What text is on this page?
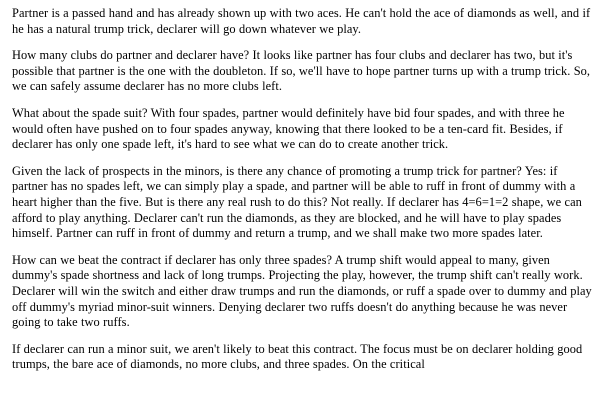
Partner is a passed hand and has already shown up with two aces. He can't hold the ace of diamonds as well, and if he has a natural trump trick, declarer will go down whatever we play.

How many clubs do partner and declarer have? It looks like partner has four clubs and declarer has two, but it's possible that partner is the one with the doubleton. If so, we'll have to hope partner turns up with a trump trick. So, we can safely assume declarer has no more clubs left.

What about the spade suit? With four spades, partner would definitely have bid four spades, and with three he would often have pushed on to four spades anyway, knowing that there looked to be a ten-card fit. Besides, if declarer has only one spade left, it's hard to see what we can do to create another trick.

Given the lack of prospects in the minors, is there any chance of promoting a trump trick for partner? Yes: if partner has no spades left, we can simply play a spade, and partner will be able to ruff in front of dummy with a heart higher than the five. But is there any real rush to do this? Not really. If declarer has 4=6=1=2 shape, we can afford to play anything. Declarer can't run the diamonds, as they are blocked, and he will have to play spades himself. Partner can ruff in front of dummy and return a trump, and we shall make two more spades later.

How can we beat the contract if declarer has only three spades? A trump shift would appeal to many, given dummy's spade shortness and lack of long trumps. Projecting the play, however, the trump shift can't really work. Declarer will win the switch and either draw trumps and run the diamonds, or ruff a spade over to dummy and play off dummy's myriad minor-suit winners. Denying declarer two ruffs doesn't do anything because he was never going to take two ruffs.

If declarer can run a minor suit, we aren't likely to beat this contract. The focus must be on declarer holding good trumps, the bare ace of diamonds, no more clubs, and three spades. On the critical
